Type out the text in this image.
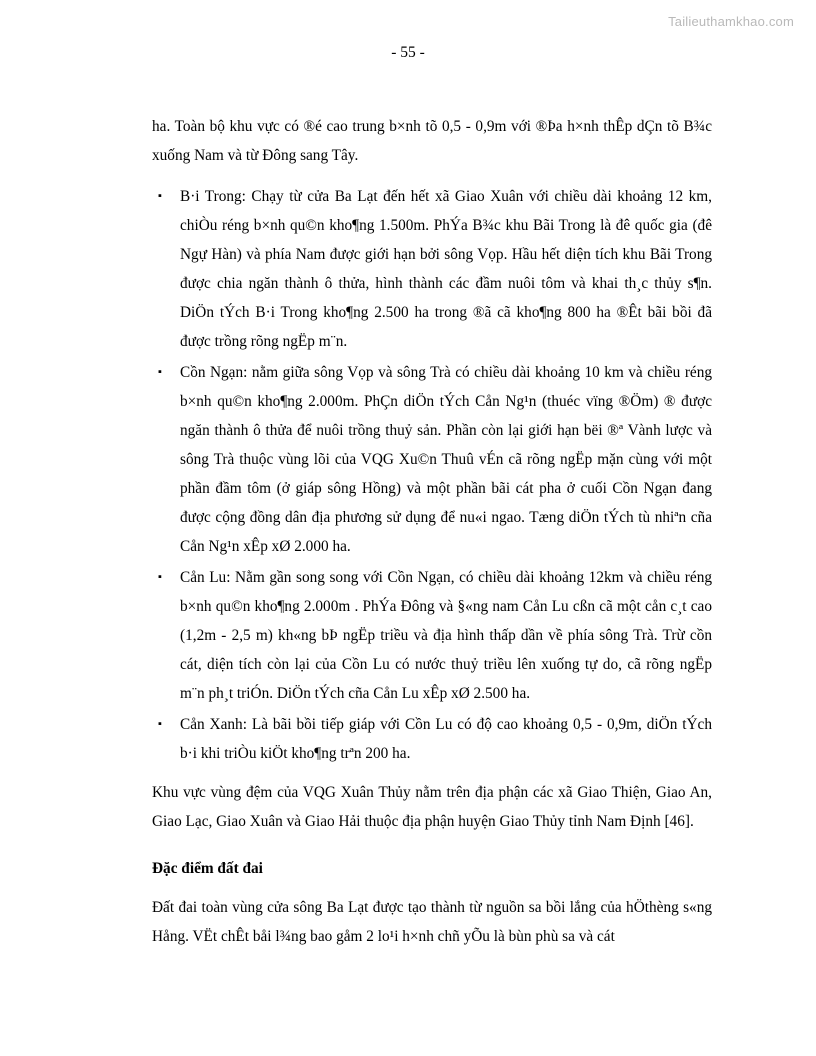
Tailieuthamkhao.com
- 55 -

ha. Toàn bộ khu vực có ®é cao trung b×nh tõ 0,5 - 0,9m với ®Þa h×nh thÊp dÇn tõ B¾c xuống Nam và từ Đông sang Tây.

▪ B·i Trong: Chạy từ cửa Ba Lạt đến hết xã Giao Xuân với chiều dài khoảng 12 km, chiÒu réng b×nh qu©n kho¶ng 1.500m. PhÝa B¾c khu Bãi Trong là đê quốc gia (đê Ngự Hàn) và phía Nam được giới hạn bởi sông Vọp. Hầu hết diện tích khu Bãi Trong được chia ngăn thành ô thửa, hình thành các đầm nuôi tôm và khai th¸c thủy s¶n. DiÖn tÝch B·i Trong kho¶ng 2.500 ha trong ®ã cã kho¶ng 800 ha ®Êt bãi bồi đã được trồng rõng ngËp m¨n.
▪ Cồn Ngạn: nằm giữa sông Vọp và sông Trà có chiều dài khoảng 10 km và chiều réng b×nh qu©n kho¶ng 2.000m. PhÇn diÖn tÝch Cån Ng¹n (thuéc vïng ®Öm) ® được ngăn thành ô thửa để nuôi trồng thuỷ sản. Phần còn lại giới hạn bëi ®ª Vành lược và sông Trà thuộc vùng lõi của VQG Xu©n Thuû vÉn cã rõng ngËp mặn cùng với một phần đầm tôm (ở giáp sông Hồng) và một phần bãi cát pha ở cuối Cồn Ngạn đang được cộng đồng dân địa phương sử dụng để nu«i ngao. Tæng diÖn tÝch tù nhiªn cña Cån Ng¹n xÊp xØ 2.000 ha.
▪ Cån Lu: Nằm gần song song với Cồn Ngạn, có chiều dài khoảng 12km và chiều réng b×nh qu©n kho¶ng 2.000m . PhÝa Đông và §«ng nam Cån Lu cßn cã một cån c¸t cao (1,2m - 2,5 m) kh«ng bÞ ngËp triều và địa hình thấp dần về phía sông Trà. Trừ cồn cát, diện tích còn lại của Cồn Lu có nước thuỷ triều lên xuống tự do, cã rõng ngËp m¨n ph¸t triÓn. DiÖn tÝch cña Cån Lu xÊp xØ 2.500 ha.
▪ Cån Xanh: Là bãi bồi tiếp giáp với Cồn Lu có độ cao khoảng 0,5 - 0,9m, diÖn tÝch b·i khi triÒu kiÖt kho¶ng trªn 200 ha.

Khu vực vùng đệm của VQG Xuân Thủy nằm trên địa phận các xã Giao Thiện, Giao An, Giao Lạc, Giao Xuân và Giao Hải thuộc địa phận huyện Giao Thủy tỉnh Nam Định [46].

Đặc điểm đất đai

Đất đai toàn vùng cửa sông Ba Lạt được tạo thành từ nguồn sa bồi lắng của hÖthèng s«ng Hång. VËt chÊt båi l¾ng bao gåm 2 lo¹i h×nh chñ yÕu là bùn phù sa và cát
